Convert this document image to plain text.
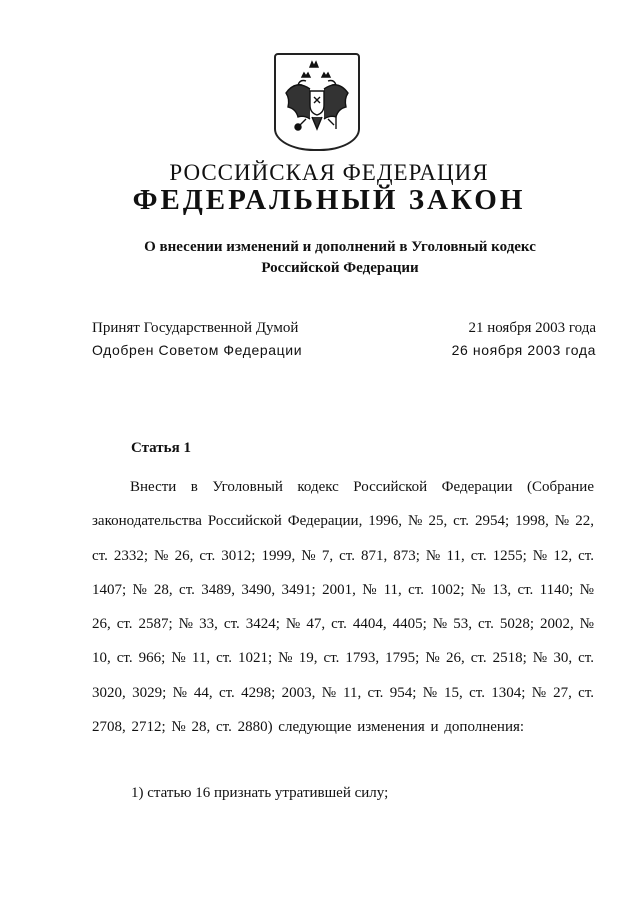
РОССИЙСКАЯ ФЕДЕРАЦИЯ
ФЕДЕРАЛЬНЫЙ ЗАКОН
О внесении изменений и дополнений в Уголовный кодекс
Российской Федерации
Принят Государственной Думой	21 ноября 2003 года
Одобрен Советом Федерации	26 ноября 2003 года
Статья 1
Внести в Уголовный кодекс Российской Федерации (Собрание законодательства Российской Федерации, 1996, № 25, ст. 2954; 1998, № 22, ст. 2332; № 26, ст. 3012; 1999, № 7, ст. 871, 873; № 11, ст. 1255; № 12, ст. 1407; № 28, ст. 3489, 3490, 3491; 2001, № 11, ст. 1002; № 13, ст. 1140; № 26, ст. 2587; № 33, ст. 3424; № 47, ст. 4404, 4405; № 53, ст. 5028; 2002, № 10, ст. 966; № 11, ст. 1021; № 19, ст. 1793, 1795; № 26, ст. 2518; № 30, ст. 3020, 3029; № 44, ст. 4298; 2003, № 11, ст. 954; № 15, ст. 1304; № 27, ст. 2708, 2712; № 28, ст. 2880) следующие изменения и дополнения:
1) статью 16 признать утратившей силу;
